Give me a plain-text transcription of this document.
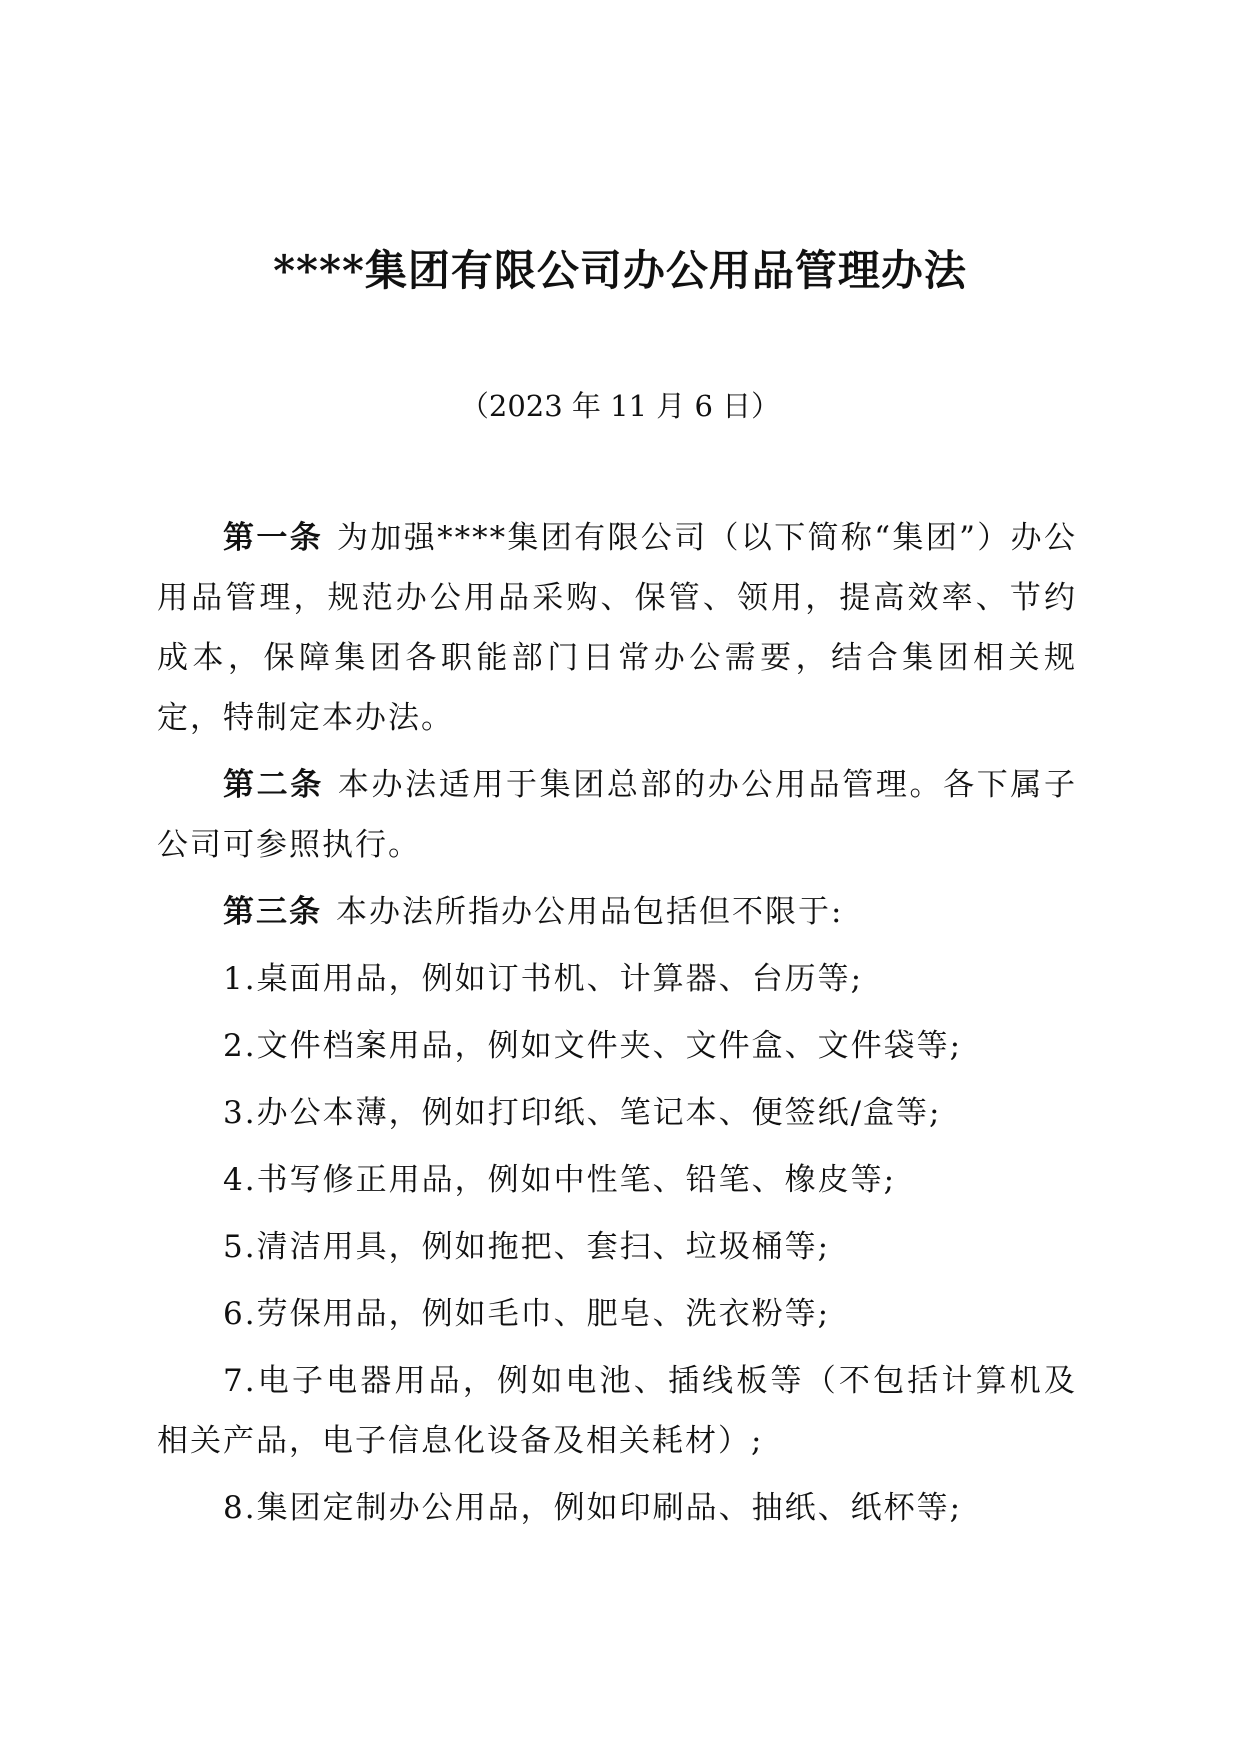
****集团有限公司办公用品管理办法
（2023 年 11 月 6 日）

第一条 为加强****集团有限公司（以下简称“集团”）办公用品管理，规范办公用品采购、保管、领用，提高效率、节约成本，保障集团各职能部门日常办公需要，结合集团相关规定，特制定本办法。

第二条 本办法适用于集团总部的办公用品管理。各下属子公司可参照执行。

第三条 本办法所指办公用品包括但不限于:

1.桌面用品，例如订书机、计算器、台历等;

2.文件档案用品，例如文件夹、文件盒、文件袋等;

3.办公本薄，例如打印纸、笔记本、便签纸/盒等;

4.书写修正用品，例如中性笔、铅笔、橡皮等;

5.清洁用具，例如拖把、套扫、垃圾桶等;

6.劳保用品，例如毛巾、肥皂、洗衣粉等;

7.电子电器用品，例如电池、插线板等（不包括计算机及相关产品，电子信息化设备及相关耗材）;

8.集团定制办公用品，例如印刷品、抽纸、纸杯等;
